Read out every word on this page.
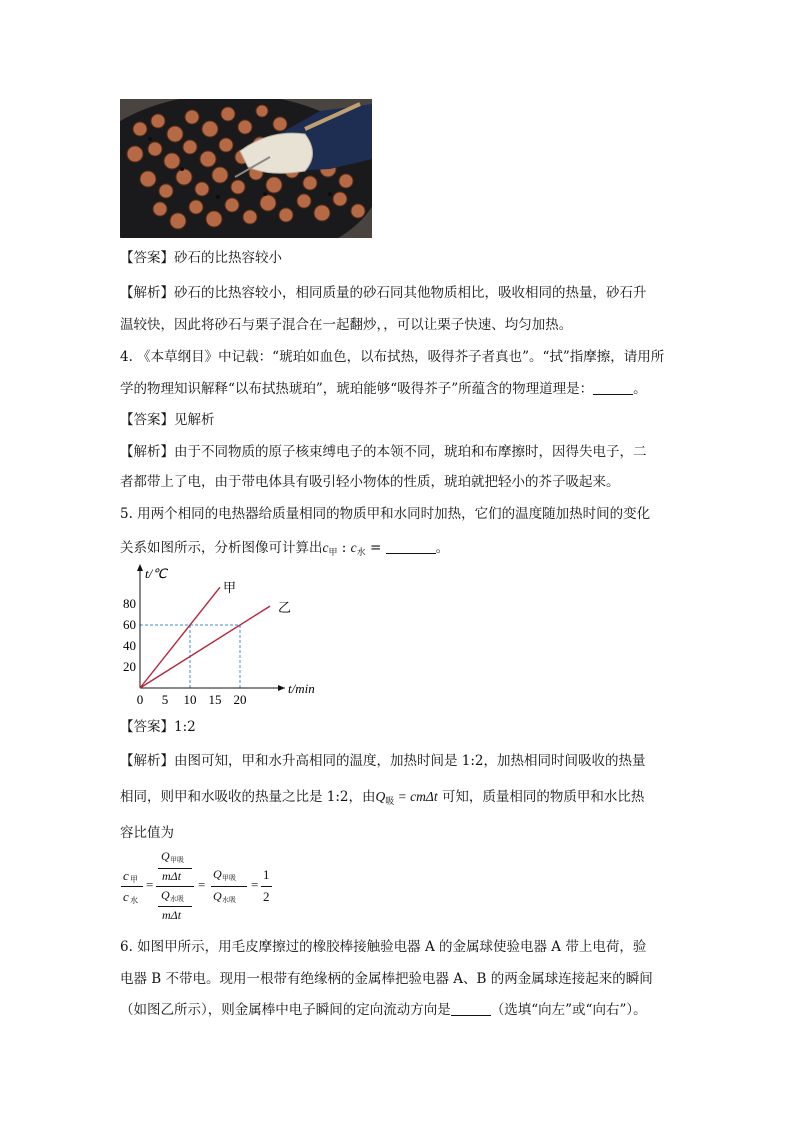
【答案】砂石的比热容较小
【解析】砂石的比热容较小，相同质量的砂石同其他物质相比，吸收相同的热量，砂石升
温较快，因此将砂石与栗子混合在一起翻炒，，可以让栗子快速、均匀加热。
4. 《本草纲目》中记载：“琥珀如血色，以布拭热，吸得芥子者真也”。“拭”指摩擦，请用所
学的物理知识解释“以布拭热琥珀”，琥珀能够“吸得芥子”所蕴含的物理道理是：	。
【答案】见解析
【解析】由于不同物质的原子核束缚电子的本领不同，琥珀和布摩擦时，因得失电子，二
者都带上了电，由于带电体具有吸引轻小物体的性质，琥珀就把轻小的芥子吸起来。
5. 用两个相同的电热器给质量相同的物质甲和水同时加热，它们的温度随加热时间的变化
关系如图所示，分析图像可计算出$c_甲$ : $c_水$ =	。
t/℃
t/min
甲
乙
0 5 10 15 20
20
40
60
80
【答案】1:2
【解析】由图可知，甲和水升高相同的温度，加热时间是 1:2，加热相同时间吸收的热量
相同，则甲和水吸收的热量之比是 1:2，由$Q_吸 = cm\Delta t$ 可知，质量相同的物质甲和水比热
容比值为
c 甲
c 水
=
Q 甲吸
mΔt
Q 水吸
mΔt
=
Q 甲吸
Q 水吸
=
1
2
6. 如图甲所示，用毛皮摩擦过的橡胶棒接触验电器 A 的金属球使验电器 A 带上电荷，验
电器 B 不带电。现用一根带有绝缘柄的金属棒把验电器 A、B 的两金属球连接起来的瞬间
（如图乙所示），则金属棒中电子瞬间的定向流动方向是	（选填“向左”或“向右”）。
